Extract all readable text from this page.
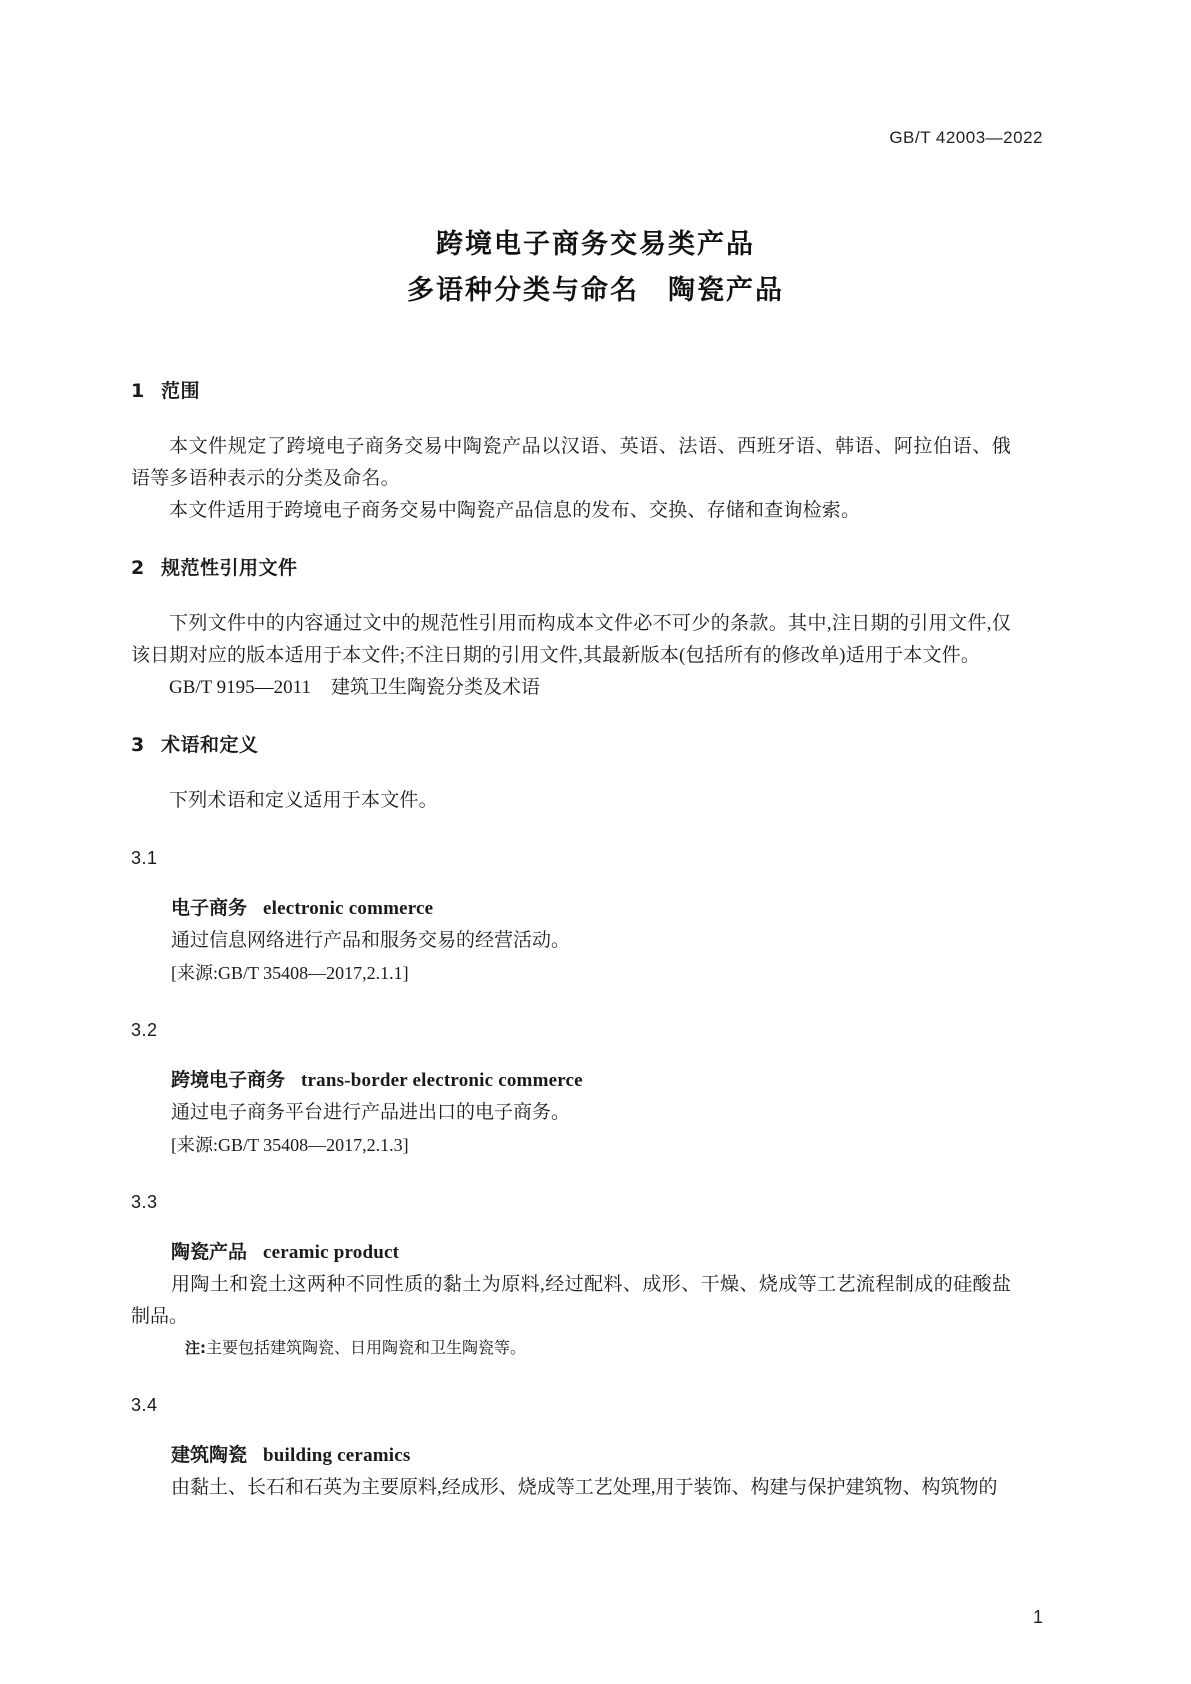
GB/T 42003—2022
跨境电子商务交易类产品
多语种分类与命名　陶瓷产品

1 范围

本文件规定了跨境电子商务交易中陶瓷产品以汉语、英语、法语、西班牙语、韩语、阿拉伯语、俄语等多语种表示的分类及命名。

本文件适用于跨境电子商务交易中陶瓷产品信息的发布、交换、存储和查询检索。

2 规范性引用文件

下列文件中的内容通过文中的规范性引用而构成本文件必不可少的条款。其中,注日期的引用文件,仅该日期对应的版本适用于本文件;不注日期的引用文件,其最新版本(包括所有的修改单)适用于本文件。

GB/T 9195—2011 建筑卫生陶瓷分类及术语

3 术语和定义

下列术语和定义适用于本文件。

3.1

电子商务 electronic commerce

通过信息网络进行产品和服务交易的经营活动。

[来源:GB/T 35408—2017,2.1.1]

3.2

跨境电子商务 trans-border electronic commerce

通过电子商务平台进行产品进出口的电子商务。

[来源:GB/T 35408—2017,2.1.3]

3.3

陶瓷产品 ceramic product

用陶土和瓷土这两种不同性质的黏土为原料,经过配料、成形、干燥、烧成等工艺流程制成的硅酸盐制品。

注:主要包括建筑陶瓷、日用陶瓷和卫生陶瓷等。

3.4

建筑陶瓷 building ceramics

由黏土、长石和石英为主要原料,经成形、烧成等工艺处理,用于装饰、构建与保护建筑物、构筑物的

1
